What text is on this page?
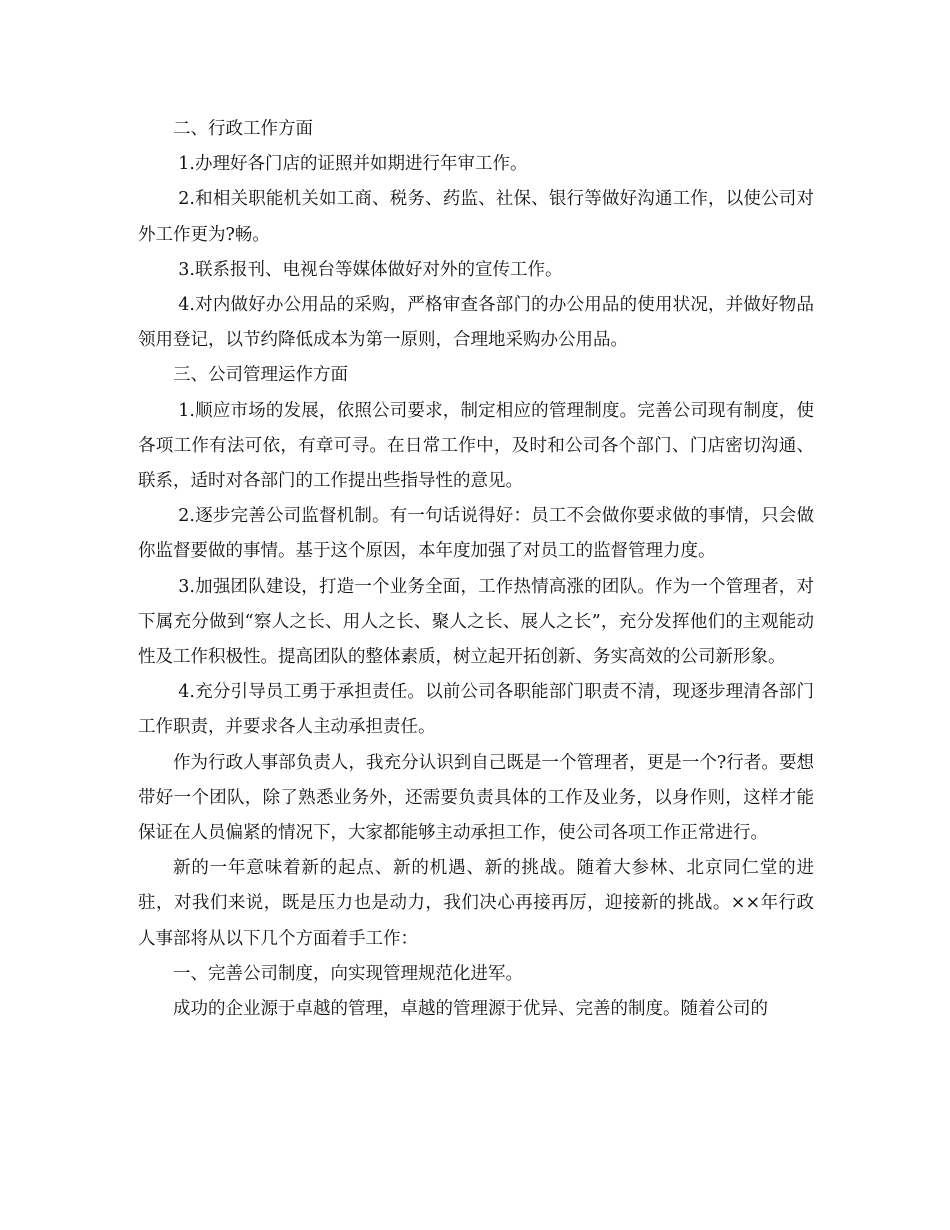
二、行政工作方面

1.办理好各门店的证照并如期进行年审工作。

2.和相关职能机关如工商、税务、药监、社保、银行等做好沟通工作，以使公司对外工作更为?畅。

3.联系报刊、电视台等媒体做好对外的宣传工作。

4.对内做好办公用品的采购，严格审查各部门的办公用品的使用状况，并做好物品领用登记，以节约降低成本为第一原则，合理地采购办公用品。

三、公司管理运作方面

1.顺应市场的发展，依照公司要求，制定相应的管理制度。完善公司现有制度，使各项工作有法可依，有章可寻。在日常工作中，及时和公司各个部门、门店密切沟通、联系，适时对各部门的工作提出些指导性的意见。

2.逐步完善公司监督机制。有一句话说得好：员工不会做你要求做的事情，只会做你监督要做的事情。基于这个原因，本年度加强了对员工的监督管理力度。

3.加强团队建设，打造一个业务全面，工作热情高涨的团队。作为一个管理者，对下属充分做到“察人之长、用人之长、聚人之长、展人之长”，充分发挥他们的主观能动性及工作积极性。提高团队的整体素质，树立起开拓创新、务实高效的公司新形象。

4.充分引导员工勇于承担责任。以前公司各职能部门职责不清，现逐步理清各部门工作职责，并要求各人主动承担责任。

作为行政人事部负责人，我充分认识到自己既是一个管理者，更是一个?行者。要想带好一个团队，除了熟悉业务外，还需要负责具体的工作及业务，以身作则，这样才能保证在人员偏紧的情况下，大家都能够主动承担工作，使公司各项工作正常进行。

新的一年意味着新的起点、新的机遇、新的挑战。随着大参林、北京同仁堂的进驻，对我们来说，既是压力也是动力，我们决心再接再厉，迎接新的挑战。××年行政人事部将从以下几个方面着手工作：

一、完善公司制度，向实现管理规范化进军。

成功的企业源于卓越的管理，卓越的管理源于优异、完善的制度。随着公司的
